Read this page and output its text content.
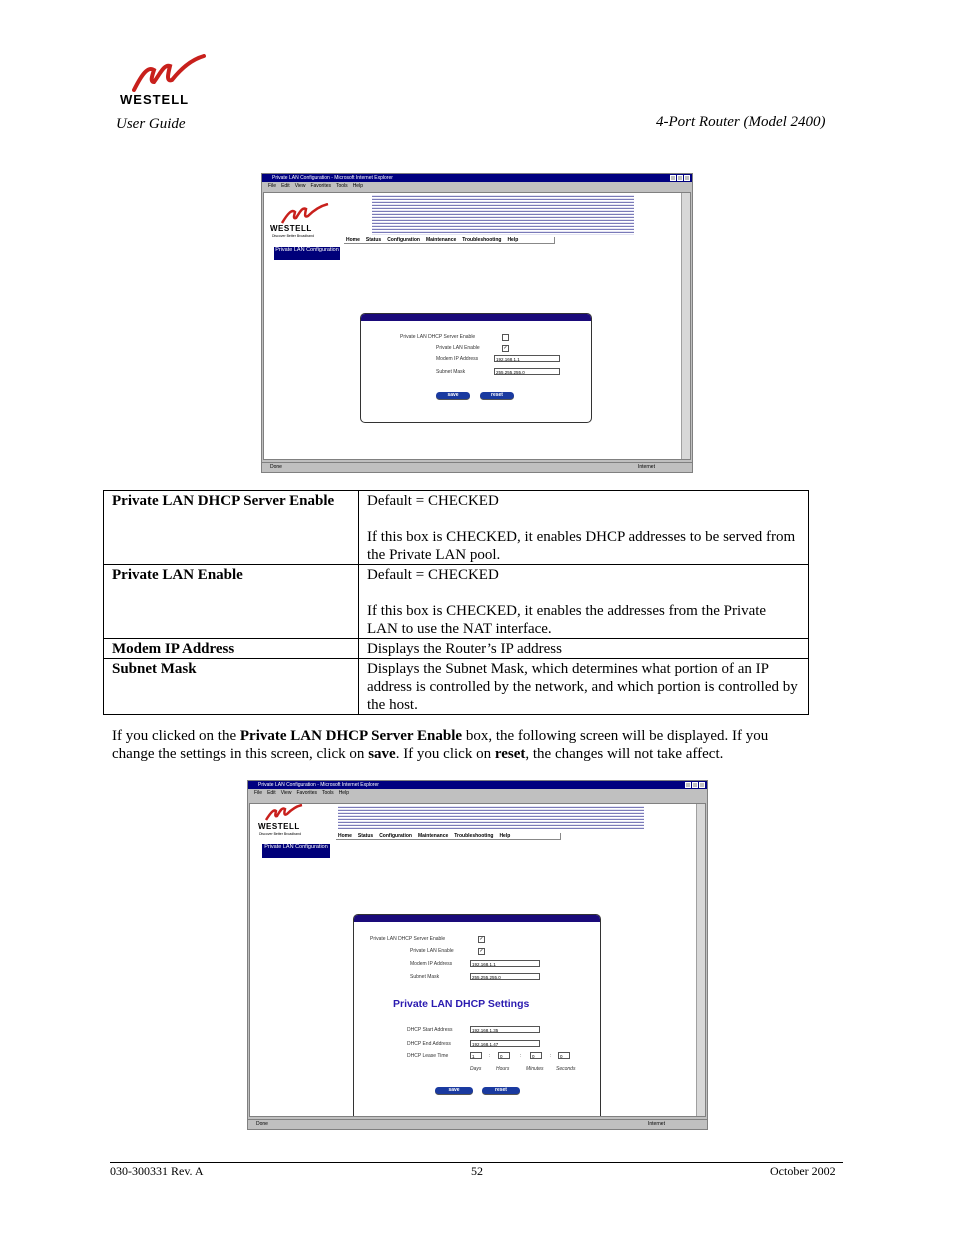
WESTELL
User Guide	4-Port Router (Model 2400)
Private LAN Configuration - Microsoft Internet Explorer
File Edit View Favorites Tools Help
WESTELL
Discover Better Broadband
Home Status Configuration Maintenance Troubleshooting Help
Private LAN Configuration
Private LAN DHCP Server Enable
Private LAN Enable	✓
Modem IP Address	192.168.1.1
Subnet Mask	255.255.255.0
save	reset
Done	Internet
Private LAN DHCP Server Enable	Default = CHECKED
If this box is CHECKED, it enables DHCP addresses to be served from the Private LAN pool.

Private LAN Enable	Default = CHECKED
If this box is CHECKED, it enables the addresses from the Private LAN to use the NAT interface.

Modem IP Address	Displays the Router’s IP address
Subnet Mask	Displays the Subnet Mask, which determines what portion of an IP address is controlled by the network, and which portion is controlled by the host.
If you clicked on the Private LAN DHCP Server Enable box, the following screen will be displayed. If you change the settings in this screen, click on save. If you click on reset, the changes will not take affect.
Private LAN Configuration - Microsoft Internet Explorer
File Edit View Favorites Tools Help
WESTELL
Discover Better Broadband	Home Status Configuration Maintenance Troubleshooting Help
Private LAN Configuration
Private LAN DHCP Server Enable	✓
Private LAN Enable	✓
Modem IP Address	192.168.1.1
Subnet Mask	255.255.255.0
Private LAN DHCP Settings
DHCP Start Address	192.168.1.35
DHCP End Address	192.168.1.47
DHCP Lease Time	1	:	0	:	0	:	0
Days	Hours	Minutes Seconds
save	reset
Done	Internet
030-300331 Rev. A	52	October 2002
